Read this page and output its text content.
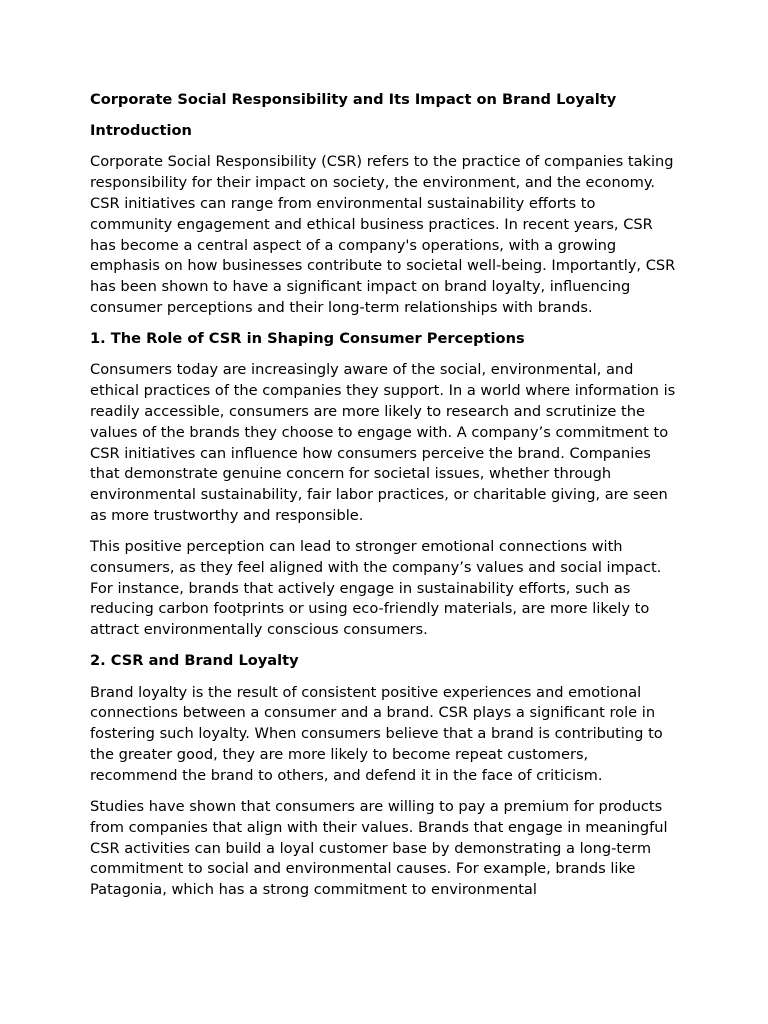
Corporate Social Responsibility and Its Impact on Brand Loyalty
Introduction

Corporate Social Responsibility (CSR) refers to the practice of companies taking responsibility for their impact on society, the environment, and the economy. CSR initiatives can range from environmental sustainability efforts to community engagement and ethical business practices. In recent years, CSR has become a central aspect of a company's operations, with a growing emphasis on how businesses contribute to societal well-being. Importantly, CSR has been shown to have a significant impact on brand loyalty, influencing consumer perceptions and their long-term relationships with brands.

1. The Role of CSR in Shaping Consumer Perceptions

Consumers today are increasingly aware of the social, environmental, and ethical practices of the companies they support. In a world where information is readily accessible, consumers are more likely to research and scrutinize the values of the brands they choose to engage with. A company’s commitment to CSR initiatives can influence how consumers perceive the brand. Companies that demonstrate genuine concern for societal issues, whether through environmental sustainability, fair labor practices, or charitable giving, are seen as more trustworthy and responsible.

This positive perception can lead to stronger emotional connections with consumers, as they feel aligned with the company’s values and social impact. For instance, brands that actively engage in sustainability efforts, such as reducing carbon footprints or using eco-friendly materials, are more likely to attract environmentally conscious consumers.

2. CSR and Brand Loyalty

Brand loyalty is the result of consistent positive experiences and emotional connections between a consumer and a brand. CSR plays a significant role in fostering such loyalty. When consumers believe that a brand is contributing to the greater good, they are more likely to become repeat customers, recommend the brand to others, and defend it in the face of criticism.

Studies have shown that consumers are willing to pay a premium for products from companies that align with their values. Brands that engage in meaningful CSR activities can build a loyal customer base by demonstrating a long-term commitment to social and environmental causes. For example, brands like Patagonia, which has a strong commitment to environmental
